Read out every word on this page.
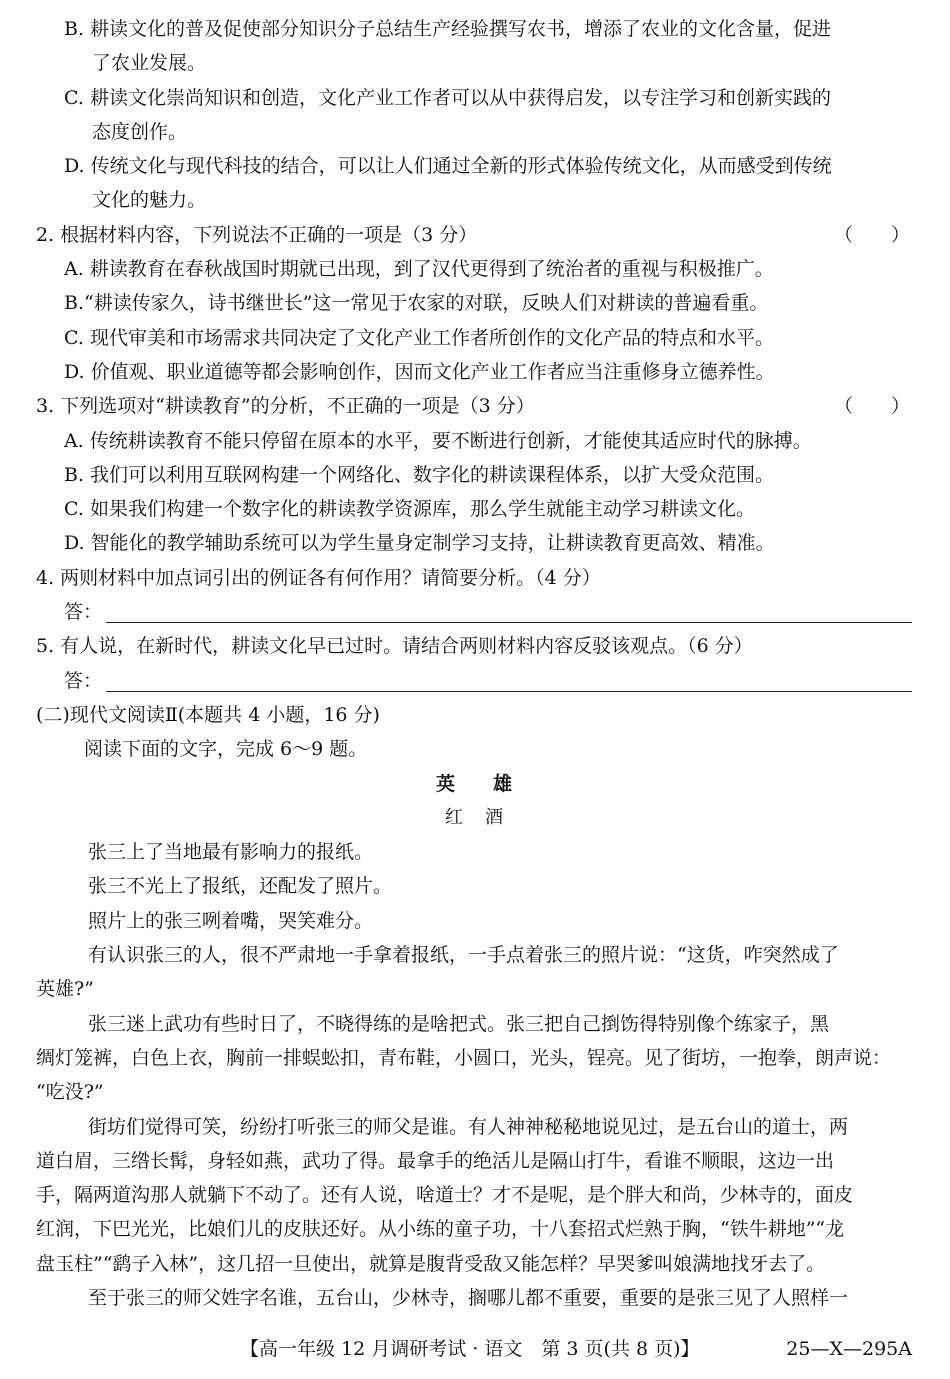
B. 耕读文化的普及促使部分知识分子总结生产经验撰写农书，增添了农业的文化含量，促进
了农业发展。
C. 耕读文化崇尚知识和创造，文化产业工作者可以从中获得启发，以专注学习和创新实践的
态度创作。
D. 传统文化与现代科技的结合，可以让人们通过全新的形式体验传统文化，从而感受到传统
文化的魅力。
2. 根据材料内容，下列说法不正确的一项是（3 分）	（　　）
A. 耕读教育在春秋战国时期就已出现，到了汉代更得到了统治者的重视与积极推广。
B.“耕读传家久，诗书继世长”这一常见于农家的对联，反映人们对耕读的普遍看重。
C. 现代审美和市场需求共同决定了文化产业工作者所创作的文化产品的特点和水平。
D. 价值观、职业道德等都会影响创作，因而文化产业工作者应当注重修身立德养性。
3. 下列选项对“耕读教育”的分析，不正确的一项是（3 分）	（　　）
A. 传统耕读教育不能只停留在原本的水平，要不断进行创新，才能使其适应时代的脉搏。
B. 我们可以利用互联网构建一个网络化、数字化的耕读课程体系，以扩大受众范围。
C. 如果我们构建一个数字化的耕读教学资源库，那么学生就能主动学习耕读文化。
D. 智能化的教学辅助系统可以为学生量身定制学习支持，让耕读教育更高效、精准。
4. 两则材料中加点词引出的例证各有何作用？请简要分析。（4 分）
答：
5. 有人说，在新时代，耕读文化早已过时。请结合两则材料内容反驳该观点。（6 分）
答：
(二)现代文阅读Ⅱ(本题共 4 小题，16 分)
阅读下面的文字，完成 6～9 题。
英雄
红酒
张三上了当地最有影响力的报纸。
张三不光上了报纸，还配发了照片。
照片上的张三咧着嘴，哭笑难分。
有认识张三的人，很不严肃地一手拿着报纸，一手点着张三的照片说：“这货，咋突然成了
英雄?”
张三迷上武功有些时日了，不晓得练的是啥把式。张三把自己捯饬得特别像个练家子，黑
绸灯笼裤，白色上衣，胸前一排蜈蚣扣，青布鞋，小圆口，光头，锃亮。见了街坊，一抱拳，朗声说：
“吃没?”
街坊们觉得可笑，纷纷打听张三的师父是谁。有人神神秘秘地说见过，是五台山的道士，两
道白眉，三绺长髯，身轻如燕，武功了得。最拿手的绝活儿是隔山打牛，看谁不顺眼，这边一出
手，隔两道沟那人就躺下不动了。还有人说，啥道士？才不是呢，是个胖大和尚，少林寺的，面皮
红润，下巴光光，比娘们儿的皮肤还好。从小练的童子功，十八套招式烂熟于胸，“铁牛耕地”“龙
盘玉柱”“鹞子入林”，这几招一旦使出，就算是腹背受敌又能怎样？早哭爹叫娘满地找牙去了。
至于张三的师父姓字名谁，五台山，少林寺，搁哪儿都不重要，重要的是张三见了人照样一
【高一年级 12 月调研考试 · 语文　第 3 页(共 8 页)】	25—X—295A
